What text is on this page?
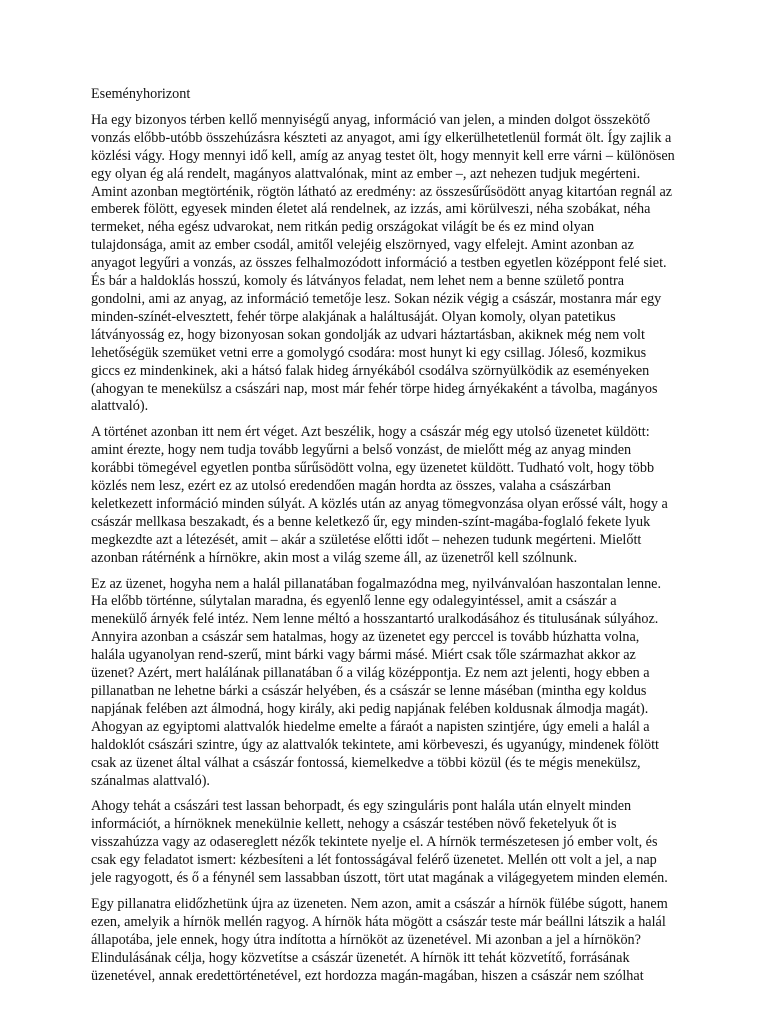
Eseményhorizont
Ha egy bizonyos térben kellő mennyiségű anyag, információ van jelen, a minden dolgot összekötő
vonzás előbb-utóbb összehúzásra készteti az anyagot, ami így elkerülhetetlenül formát ölt. Így zajlik a
közlési vágy. Hogy mennyi idő kell, amíg az anyag testet ölt, hogy mennyit kell erre várni – különösen
egy olyan ég alá rendelt, magányos alattvalónak, mint az ember –, azt nehezen tudjuk megérteni.
Amint azonban megtörténik, rögtön látható az eredmény: az összesűrűsödött anyag kitartóan regnál az
emberek fölött, egyesek minden életet alá rendelnek, az izzás, ami körülveszi, néha szobákat, néha
termeket, néha egész udvarokat, nem ritkán pedig országokat világít be és ez mind olyan
tulajdonsága, amit az ember csodál, amitől velejéig elszörnyed, vagy elfelejt. Amint azonban az
anyagot legyűri a vonzás, az összes felhalmozódott információ a testben egyetlen középpont felé siet.
És bár a haldoklás hosszú, komoly és látványos feladat, nem lehet nem a benne születő pontra
gondolni, ami az anyag, az információ temetője lesz. Sokan nézik végig a császár, mostanra már egy
minden-színét-elvesztett, fehér törpe alakjának a haláltusáját. Olyan komoly, olyan patetikus
látványosság ez, hogy bizonyosan sokan gondolják az udvari háztartásban, akiknek még nem volt
lehetőségük szemüket vetni erre a gomolygó csodára: most hunyt ki egy csillag. Jóleső, kozmikus
giccs ez mindenkinek, aki a hátsó falak hideg árnyékából csodálva szörnyülködik az eseményeken
(ahogyan te menekülsz a császári nap, most már fehér törpe hideg árnyékaként a távolba, magányos
alattvaló).
A történet azonban itt nem ért véget. Azt beszélik, hogy a császár még egy utolsó üzenetet küldött:
amint érezte, hogy nem tudja tovább legyűrni a belső vonzást, de mielőtt még az anyag minden
korábbi tömegével egyetlen pontba sűrűsödött volna, egy üzenetet küldött. Tudható volt, hogy több
közlés nem lesz, ezért ez az utolsó eredendően magán hordta az összes, valaha a császárban
keletkezett információ minden súlyát. A közlés után az anyag tömegvonzása olyan erőssé vált, hogy a
császár mellkasa beszakadt, és a benne keletkező űr, egy minden-színt-magába-foglaló fekete lyuk
megkezdte azt a létezését, amit – akár a születése előtti időt – nehezen tudunk megérteni. Mielőtt
azonban rátérnénk a hírnökre, akin most a világ szeme áll, az üzenetről kell szólnunk.
Ez az üzenet, hogyha nem a halál pillanatában fogalmazódna meg, nyilvánvalóan haszontalan lenne.
Ha előbb történne, súlytalan maradna, és egyenlő lenne egy odalegyintéssel, amit a császár a
menekülő árnyék felé intéz. Nem lenne méltó a hosszantartó uralkodásához és titulusának súlyához.
Annyira azonban a császár sem hatalmas, hogy az üzenetet egy perccel is tovább húzhatta volna,
halála ugyanolyan rend-szerű, mint bárki vagy bármi másé. Miért csak tőle származhat akkor az
üzenet? Azért, mert halálának pillanatában ő a világ középpontja. Ez nem azt jelenti, hogy ebben a
pillanatban ne lehetne bárki a császár helyében, és a császár se lenne máséban (mintha egy koldus
napjának felében azt álmodná, hogy király, aki pedig napjának felében koldusnak álmodja magát).
Ahogyan az egyiptomi alattvalók hiedelme emelte a fáraót a napisten szintjére, úgy emeli a halál a
haldoklót császári szintre, úgy az alattvalók tekintete, ami körbeveszi, és ugyanúgy, mindenek fölött
csak az üzenet által válhat a császár fontossá, kiemelkedve a többi közül (és te mégis menekülsz,
szánalmas alattvaló).
Ahogy tehát a császári test lassan behorpadt, és egy szinguláris pont halála után elnyelt minden
információt, a hírnöknek menekülnie kellett, nehogy a császár testében növő feketelyuk őt is
visszahúzza vagy az odasereglett nézők tekintete nyelje el. A hírnök természetesen jó ember volt, és
csak egy feladatot ismert: kézbesíteni a lét fontosságával felérő üzenetet. Mellén ott volt a jel, a nap
jele ragyogott, és ő a fénynél sem lassabban úszott, tört utat magának a világegyetem minden elemén.
Egy pillanatra elidőzhetünk újra az üzeneten. Nem azon, amit a császár a hírnök fülébe súgott, hanem
ezen, amelyik a hírnök mellén ragyog. A hírnök háta mögött a császár teste már beállni látszik a halál
állapotába, jele ennek, hogy útra indította a hírnököt az üzenetével. Mi azonban a jel a hírnökön?
Elindulásának célja, hogy közvetítse a császár üzenetét. A hírnök itt tehát közvetítő, forrásának
üzenetével, annak eredettörténetével, ezt hordozza magán-magában, hiszen a császár nem szólhat
